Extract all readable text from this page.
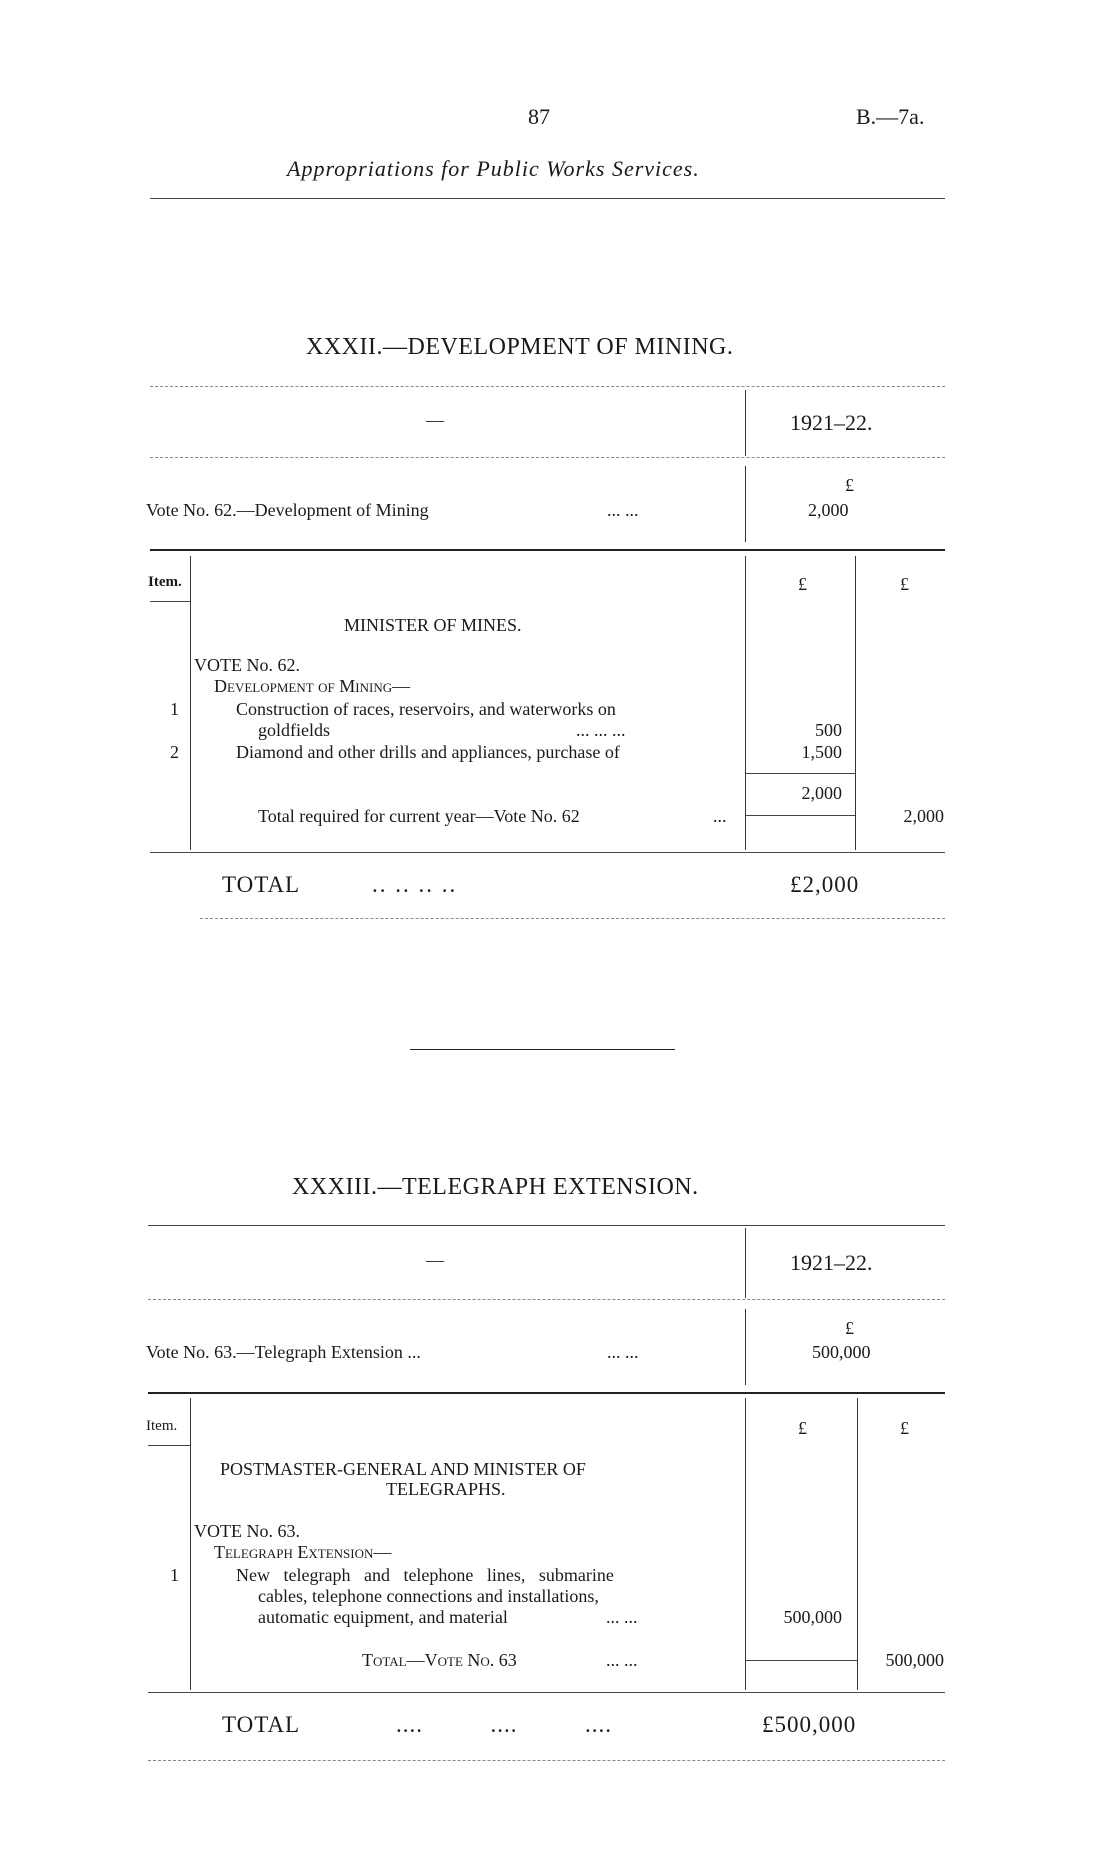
87	B.—7a.
Appropriations for Public Works Services.
XXXII.—DEVELOPMENT OF MINING.
—	1921–22.
£
Vote No. 62.—Development of Mining	... ...	2,000
Item.	£	£
MINISTER OF MINES.
VOTE No. 62.
Development of Mining—
1	Construction of races, reservoirs, and waterworks on
goldfields	... ... ...	500
2	Diamond and other drills and appliances, purchase of	1,500
2,000
Total required for current year—Vote No. 62	...	2,000
TOTAL	.. .. .. ..	£2,000
XXXIII.—TELEGRAPH EXTENSION.
—	1921–22.
£
Vote No. 63.—Telegraph Extension ...	... ...	500,000
Item.	£	£
POSTMASTER-GENERAL AND MINISTER OF
TELEGRAPHS.
VOTE No. 63.
Telegraph Extension—
1	New   telegraph   and   telephone   lines,   submarine
cables, telephone connections and installations,
automatic equipment, and material	... ...	500,000
Total—Vote No. 63	... ...	500,000
TOTAL	....          ....          ....	£500,000
